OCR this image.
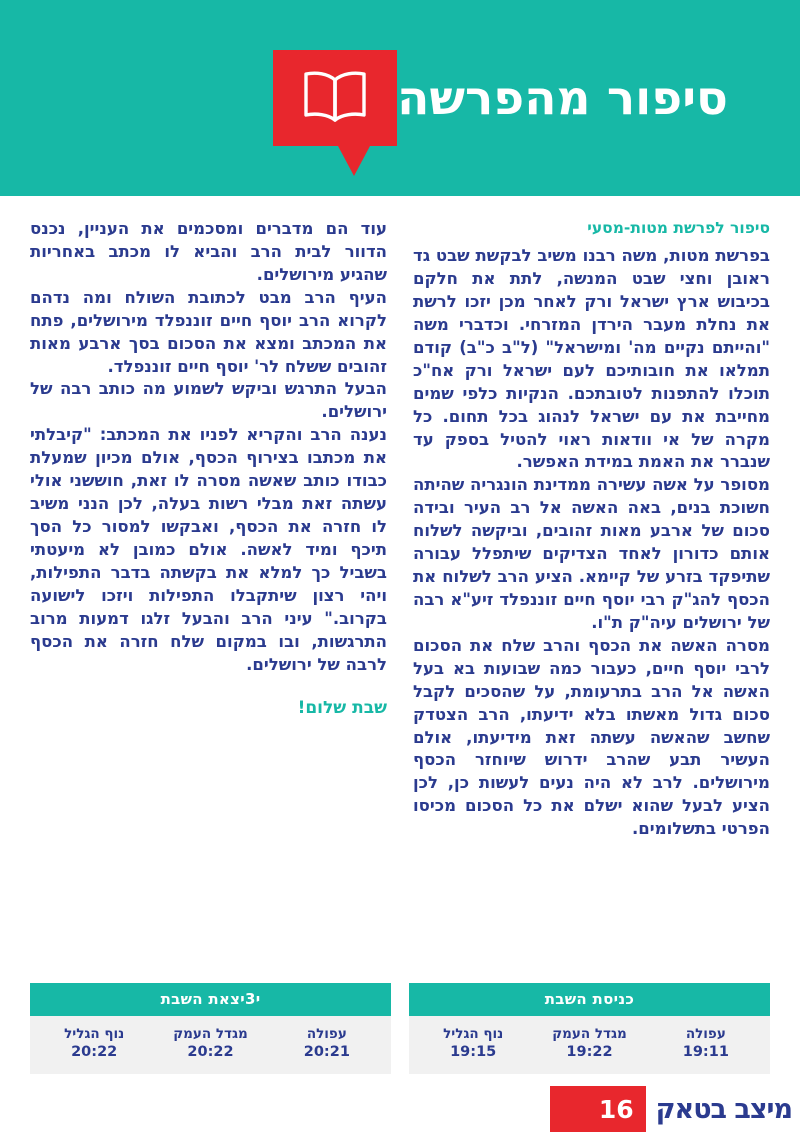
סיפור מהפרשה
סיפור לפרשת מטות-מסעי

בפרשת מטות, משה רבנו משיב לבקשת שבט גד ראובן וחצי שבט המנשה, לתת את חלקם בכיבוש ארץ ישראל ורק לאחר מכן יזכו לרשת את נחלת מעבר הירדן המזרחי. וכדברי משה "והייתם נקיים מה' ומישראל" (ל"ב כ"ב) קודם תמלאו את חובותיכם לעם ישראל ורק אח"כ תוכלו להתפנות לטובתכם. הנקיות כלפי שמים מחייבת את עם ישראל לנהוג בכל תחום. כל מקרה של אי וודאות ראוי להטיל בספק עד שנברר את האמת במידת האפשר.

מסופר על אשה עשירה ממדינת הונגריה שהיתה חשוכת בנים, באה האשה אל רב העיר ובידה סכום של ארבע מאות זהובים, וביקשה לשלוח אותם כדורון לאחד הצדיקים שיתפלל עבורה שתיפקד בזרע של קיימא. הציע הרב לשלוח את הכסף להג"ק רבי יוסף חיים זוננפלד זיע"א רבה של ירושלים עיה"ק ת"ו.

מסרה האשה את הכסף והרב שלח את הסכום לרבי יוסף חיים, כעבור כמה שבועות בא בעל האשה אל הרב בתרעומת, על שהסכים לקבל סכום גדול מאשתו בלא ידיעתו, הרב הצטדק שחשב שהאשה עשתה זאת מידיעתו, אולם העשיר תבע שהרב ידרוש שיוחזר הכסף מירושלים. לרב לא היה נעים לעשות כן, לכן הציע לבעל שהוא ישלם את כל הסכום מכיסו הפרטי בתשלומים.

עוד הם מדברים ומסכמים את העניין, נכנס הדוור לבית הרב והביא לו מכתב באחריות שהגיע מירושלים.

העיף הרב מבט לכתובת השולח ומה נדהם לקרוא הרב יוסף חיים זוננפלד מירושלים, פתח את המכתב ומצא את הסכום בסך ארבע מאות זהובים ששלח לר' יוסף חיים זוננפלד.

הבעל התרגש וביקש לשמוע מה כותב רבה של ירושלים.

נענה הרב והקריא לפניו את המכתב: "קיבלתי את מכתבו בצירוף הכסף, אולם מכיון שמעלת כבודו כותב שאשה מסרה לו זאת, חוששני אולי עשתה זאת מבלי רשות בעלה, לכן הנני משיב לו חזרה את הכסף, ואבקשו למסור כל הסך תיכף ומיד לאשה. אולם כמובן לא מיעטתי בשביל כך למלא את בקשתה בדבר התפילות, ויהי רצון שיתקבלו התפילות ויזכו לישועה בקרוב." עיני הרב והבעל זלגו דמעות מרוב התרגשות, ובו במקום שלח חזרה את הכסף לרבה של ירושלים.

שבת שלום!
כניסת השבת
עפולה
19:11
מגדל העמק
19:22
נוף הגליל
19:15
י3יצאת השבת
עפולה
20:21
מגדל העמק
20:22
נוף הגליל
20:22
מיצב בטאק
16
